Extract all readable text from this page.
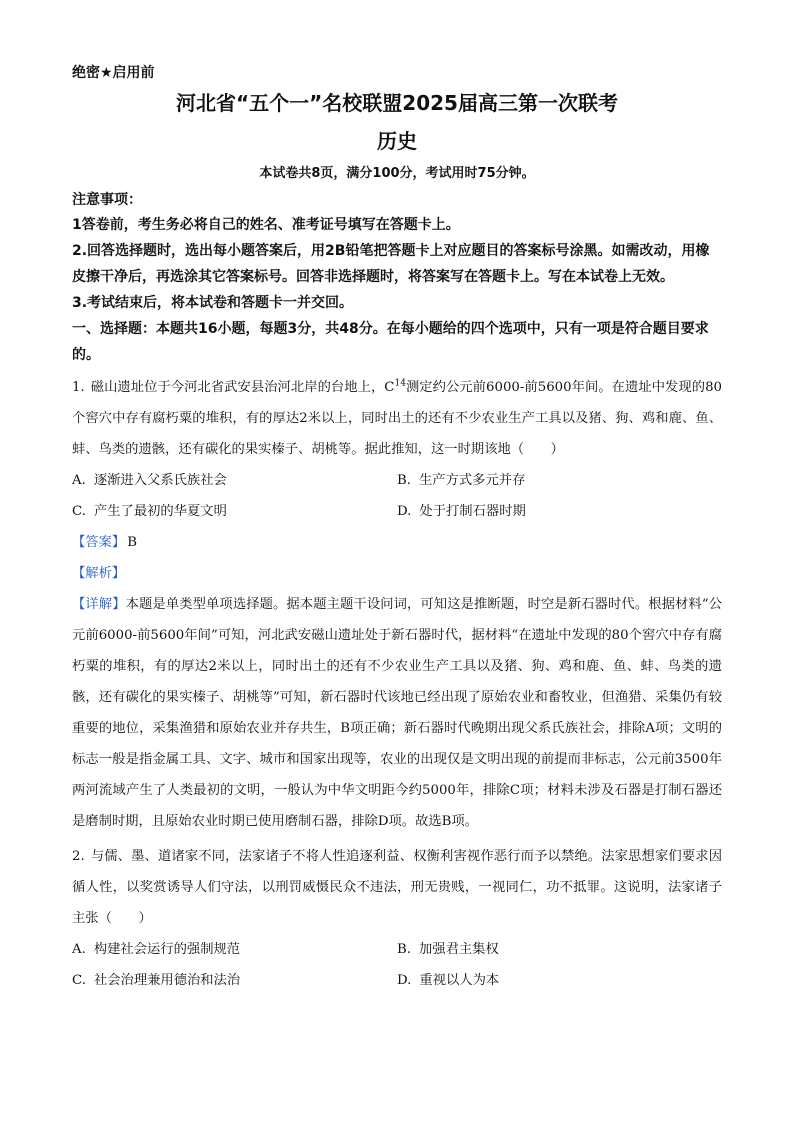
绝密★启用前
河北省“五个一”名校联盟2025届高三第一次联考
历史
本试卷共8页，满分100分，考试用时75分钟。
注意事项：
1答卷前，考生务必将自己的姓名、准考证号填写在答题卡上。
2.回答选择题时，选出每小题答案后，用2B铅笔把答题卡上对应题目的答案标号涂黑。如需改动，用橡皮擦干净后，再选涂其它答案标号。回答非选择题时，将答案写在答题卡上。写在本试卷上无效。
3.考试结束后，将本试卷和答题卡一并交回。
一、选择题：本题共16小题，每题3分，共48分。在每小题给的四个选项中，只有一项是符合题目要求的。
1. 磁山遗址位于今河北省武安县治河北岸的台地上，$C^{14}$测定约公元前6000-前5600年间。在遗址中发现的80个窖穴中存有腐朽粟的堆积，有的厚达2米以上，同时出土的还有不少农业生产工具以及猪、狗、鸡和鹿、鱼、蚌、鸟类的遗骸，还有碳化的果实榛子、胡桃等。据此推知，这一时期该地（　　）
A. 逐渐进入父系氏族社会	B. 生产方式多元并存
C. 产生了最初的华夏文明	D. 处于打制石器时期
【答案】 B
【解析】
【详解】本题是单类型单项选择题。据本题主题干设问词，可知这是推断题，时空是新石器时代。根据材料“公元前6000-前5600年间”可知，河北武安磁山遗址处于新石器时代，据材料“在遗址中发现的80个窖穴中存有腐朽粟的堆积，有的厚达2米以上，同时出土的还有不少农业生产工具以及猪、狗、鸡和鹿、鱼、蚌、鸟类的遗骸，还有碳化的果实榛子、胡桃等”可知，新石器时代该地已经出现了原始农业和畜牧业，但渔猎、采集仍有较重要的地位，采集渔猎和原始农业并存共生，B项正确；新石器时代晚期出现父系氏族社会，排除A项；文明的标志一般是指金属工具、文字、城市和国家出现等，农业的出现仅是文明出现的前提而非标志，公元前3500年两河流域产生了人类最初的文明，一般认为中华文明距今约5000年，排除C项；材料未涉及石器是打制石器还是磨制时期，且原始农业时期已使用磨制石器，排除D项。故选B项。
2. 与儒、墨、道诸家不同，法家诸子不将人性追逐利益、权衡利害视作恶行而予以禁绝。法家思想家们要求因循人性，以奖赏诱导人们守法，以刑罚威慑民众不违法，刑无贵贱，一视同仁，功不抵罪。这说明，法家诸子主张（　　）
A. 构建社会运行的强制规范	B. 加强君主集权
C. 社会治理兼用德治和法治	D. 重视以人为本
